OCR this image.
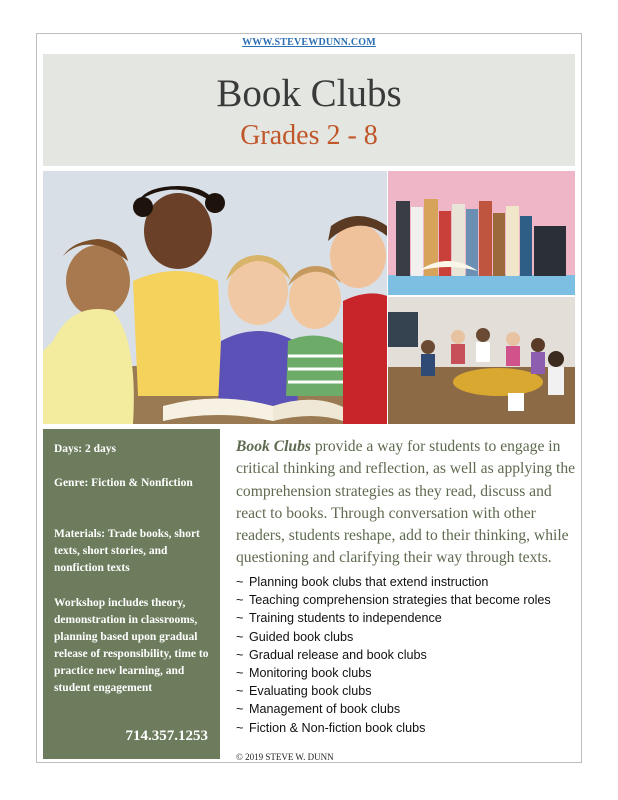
WWW.STEVEWDUNN.COM
Book Clubs
Grades 2 - 8
Days: 2 days
Genre: Fiction & Nonfiction
Materials: Trade books, short texts, short stories, and nonfiction texts
Workshop includes theory, demonstration in classrooms, planning based upon gradual release of responsibility, time to practice new learning, and student engagement
714.357.1253
Book Clubs provide a way for students to engage in critical thinking and reflection, as well as applying the comprehension strategies as they read, discuss and react to books. Through conversation with other readers, students reshape, add to their thinking, while questioning and clarifying their way through texts.
~ Planning book clubs that extend instruction
~ Teaching comprehension strategies that become roles
~ Training students to independence
~ Guided book clubs
~ Gradual release and book clubs
~ Monitoring book clubs
~ Evaluating book clubs
~ Management of book clubs
~ Fiction & Non-fiction book clubs
© 2019 STEVE W. DUNN
